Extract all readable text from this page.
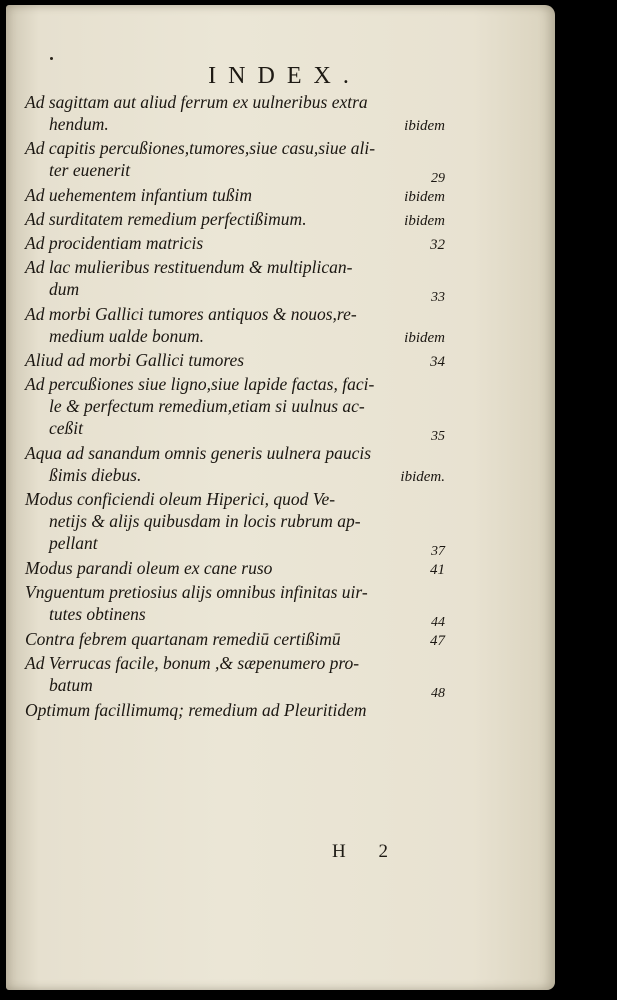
INDEX.
Ad sagittam aut aliud ferrum ex uulneribus extra
hendum.	ibidem
Ad capitis percußiones,tumores,siue casu,siue ali-
ter euenerit	29
Ad uehementem infantium tußim	ibidem
Ad surditatem remedium perfectißimum.	ibidem
Ad procidentiam matricis	32
Ad lac mulieribus restituendum & multiplican-
dum	33
Ad morbi Gallici tumores antiquos & nouos,re-
medium ualde bonum.	ibidem
Aliud ad morbi Gallici tumores	34
Ad percußiones siue ligno,siue lapide factas, faci-
le & perfectum remedium,etiam si uulnus ac-
ceßit	35
Aqua ad sanandum omnis generis uulnera paucis
ßimis diebus.	ibidem.
Modus conficiendi oleum Hiperici, quod Ve-
netijs & alijs quibusdam in locis rubrum ap-
pellant	37
Modus parandi oleum ex cane ruso	41
Vnguentum pretiosius alijs omnibus infinitas uir-
tutes obtinens	44
Contra febrem quartanam remediū certißimū	47
Ad Verrucas facile, bonum ,& sæpenumero pro-
batum	48
Optimum facillimumq; remedium ad Pleuritidem
H 2
